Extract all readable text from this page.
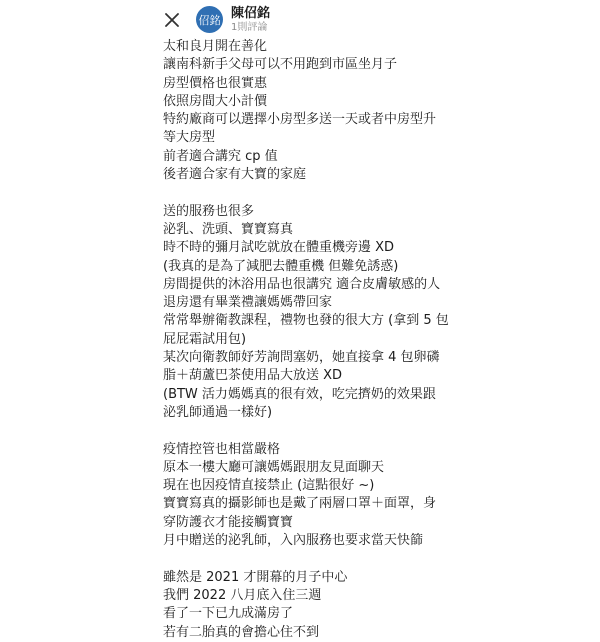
佋銘 陳佋銘
1則評論
太和良月開在善化
讓南科新手父母可以不用跑到市區坐月子
房型價格也很實惠
依照房間大小計價
特約廠商可以選擇小房型多送一天或者中房型升
等大房型
前者適合講究 cp 值
後者適合家有大寶的家庭
送的服務也很多
泌乳、洗頭、寶寶寫真
時不時的彌月試吃就放在體重機旁邊 XD
(我真的是為了減肥去體重機 但難免誘惑)
房間提供的沐浴用品也很講究 適合皮膚敏感的人
退房還有畢業禮讓媽媽帶回家
常常舉辦衛教課程，禮物也發的很大方 (拿到 5 包
屁屁霜試用包)
某次向衛教師妤芳詢問塞奶，她直接拿 4 包卵磷
脂＋葫蘆巴茶使用品大放送 XD
(BTW 活力媽媽真的很有效，吃完擠奶的效果跟
泌乳師通過一樣好)
疫情控管也相當嚴格
原本一樓大廳可讓媽媽跟朋友見面聊天
現在也因疫情直接禁止 (這點很好 ~)
寶寶寫真的攝影師也是戴了兩層口罩＋面罩，身
穿防護衣才能接觸寶寶
月中贈送的泌乳師，入內服務也要求當天快篩
雖然是 2021 才開幕的月子中心
我們 2022 八月底入住三週
看了一下已九成滿房了
若有二胎真的會擔心住不到
